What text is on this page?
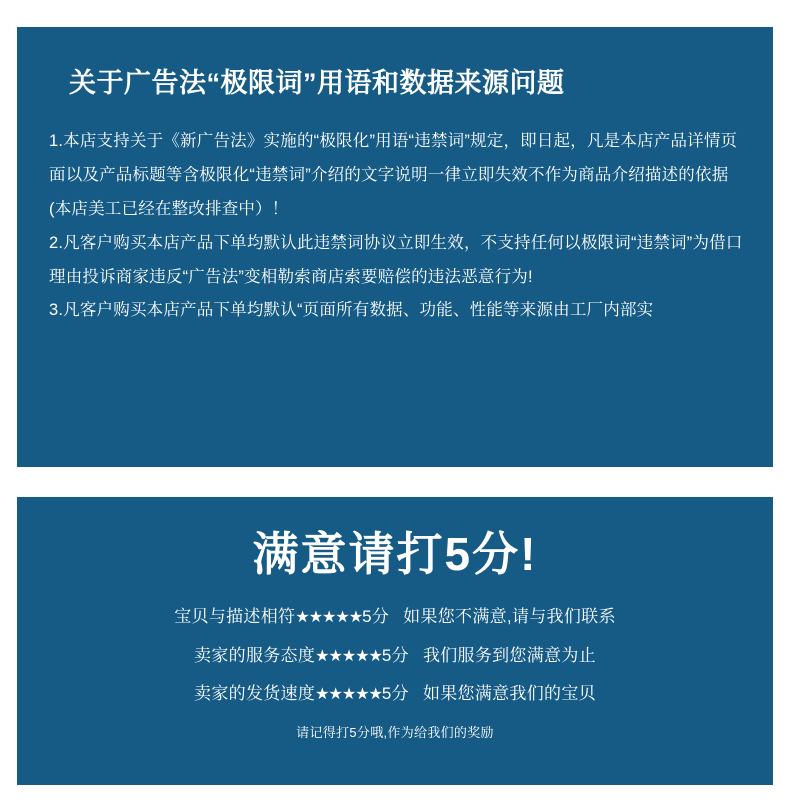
关于广告法“极限词”用语和数据来源问题

1.本店支持关于《新广告法》实施的“极限化”用语“违禁词”规定，即日起，凡是本店产品详情页面以及产品标题等含极限化“违禁词”介绍的文字说明一律立即失效不作为商品介绍描述的依据(本店美工已经在整改排查中）！

2.凡客户购买本店产品下单均默认此违禁词协议立即生效，不支持任何以极限词“违禁词”为借口理由投诉商家违反“广告法”变相勒索商店索要赔偿的违法恶意行为!

3.凡客户购买本店产品下单均默认“页面所有数据、功能、性能等来源由工厂内部实

满意请打5分!

宝贝与描述相符★★★★★5分 如果您不满意,请与我们联系

卖家的服务态度★★★★★5分 我们服务到您满意为止

卖家的发货速度★★★★★5分 如果您满意我们的宝贝

请记得打5分哦,作为给我们的奖励
